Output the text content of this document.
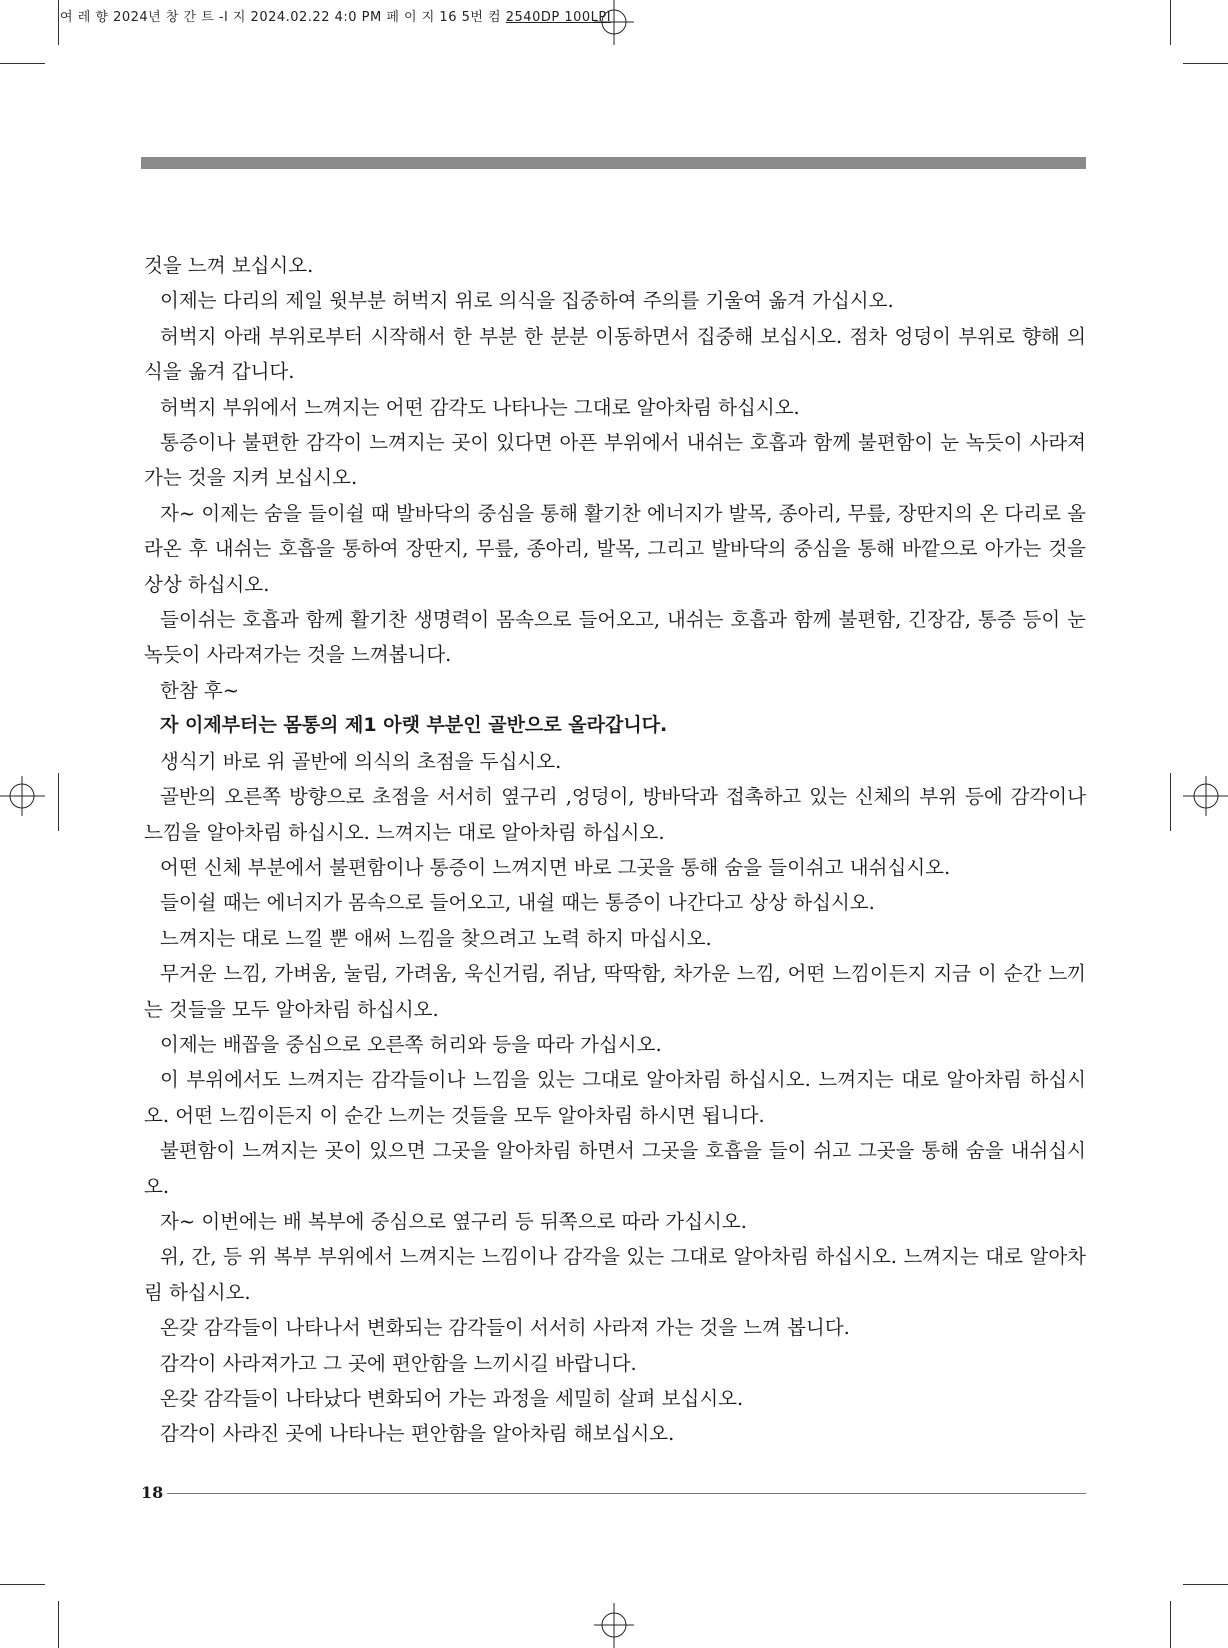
여 레 향 2024년 창 간 트 -l 지 2024.02.22 4:0 PM 페 이 지 16 5번 컴 2540DP 100LPI

것을 느껴 보십시오.

이제는 다리의 제일 윗부분 허벅지 위로 의식을 집중하여 주의를 기울여 옮겨 가십시오.

허벅지 아래 부위로부터 시작해서 한 부분 한 분분 이동하면서 집중해 보십시오. 점차 엉덩이 부위로 향해 의식을 옮겨 갑니다.

허벅지 부위에서 느껴지는 어떤 감각도 나타나는 그대로 알아차림 하십시오.

통증이나 불편한 감각이 느껴지는 곳이 있다면 아픈 부위에서 내쉬는 호흡과 함께 불편함이 눈 녹듯이 사라져 가는 것을 지켜 보십시오.

자~ 이제는 숨을 들이쉴 때 발바닥의 중심을 통해 활기찬 에너지가 발목, 종아리, 무릎, 장딴지의 온 다리로 올라온 후 내쉬는 호흡을 통하여 장딴지, 무릎, 종아리, 발목, 그리고 발바닥의 중심을 통해 바깥으로 아가는 것을 상상 하십시오.

들이쉬는 호흡과 함께 활기찬 생명력이 몸속으로 들어오고, 내쉬는 호흡과 함께 불편함, 긴장감, 통증 등이 눈 녹듯이 사라져가는 것을 느껴봅니다.

한참 후~

자 이제부터는 몸통의 제1 아랫 부분인 골반으로 올라갑니다.

생식기 바로 위 골반에 의식의 초점을 두십시오.

골반의 오른쪽 방향으로 초점을 서서히 옆구리 ,엉덩이, 방바닥과 접촉하고 있는 신체의 부위 등에 감각이나 느낌을 알아차림 하십시오. 느껴지는 대로 알아차림 하십시오.

어떤 신체 부분에서 불편함이나 통증이 느껴지면 바로 그곳을 통해 숨을 들이쉬고 내쉬십시오.

들이쉴 때는 에너지가 몸속으로 들어오고, 내쉴 때는 통증이 나간다고 상상 하십시오.

느껴지는 대로 느낄 뿐 애써 느낌을 찾으려고 노력 하지 마십시오.

무거운 느낌, 가벼움, 눌림, 가려움, 욱신거림, 쥐남, 딱딱함, 차가운 느낌, 어떤 느낌이든지 지금 이 순간 느끼는 것들을 모두 알아차림 하십시오.

이제는 배꼽을 중심으로 오른쪽 허리와 등을 따라 가십시오.

이 부위에서도 느껴지는 감각들이나 느낌을 있는 그대로 알아차림 하십시오. 느껴지는 대로 알아차림 하십시오. 어떤 느낌이든지 이 순간 느끼는 것들을 모두 알아차림 하시면 됩니다.

불편함이 느껴지는 곳이 있으면 그곳을 알아차림 하면서 그곳을 호흡을 들이 쉬고 그곳을 통해 숨을 내쉬십시오.

자~ 이번에는 배 복부에 중심으로 옆구리 등 뒤쪽으로 따라 가십시오.

위, 간, 등 위 복부 부위에서 느껴지는 느낌이나 감각을 있는 그대로 알아차림 하십시오. 느껴지는 대로 알아차림 하십시오.

온갖 감각들이 나타나서 변화되는 감각들이 서서히 사라져 가는 것을 느껴 봅니다.

감각이 사라져가고 그 곳에 편안함을 느끼시길 바랍니다.

온갖 감각들이 나타났다 변화되어 가는 과정을 세밀히 살펴 보십시오.

감각이 사라진 곳에 나타나는 편안함을 알아차림 해보십시오.

18
